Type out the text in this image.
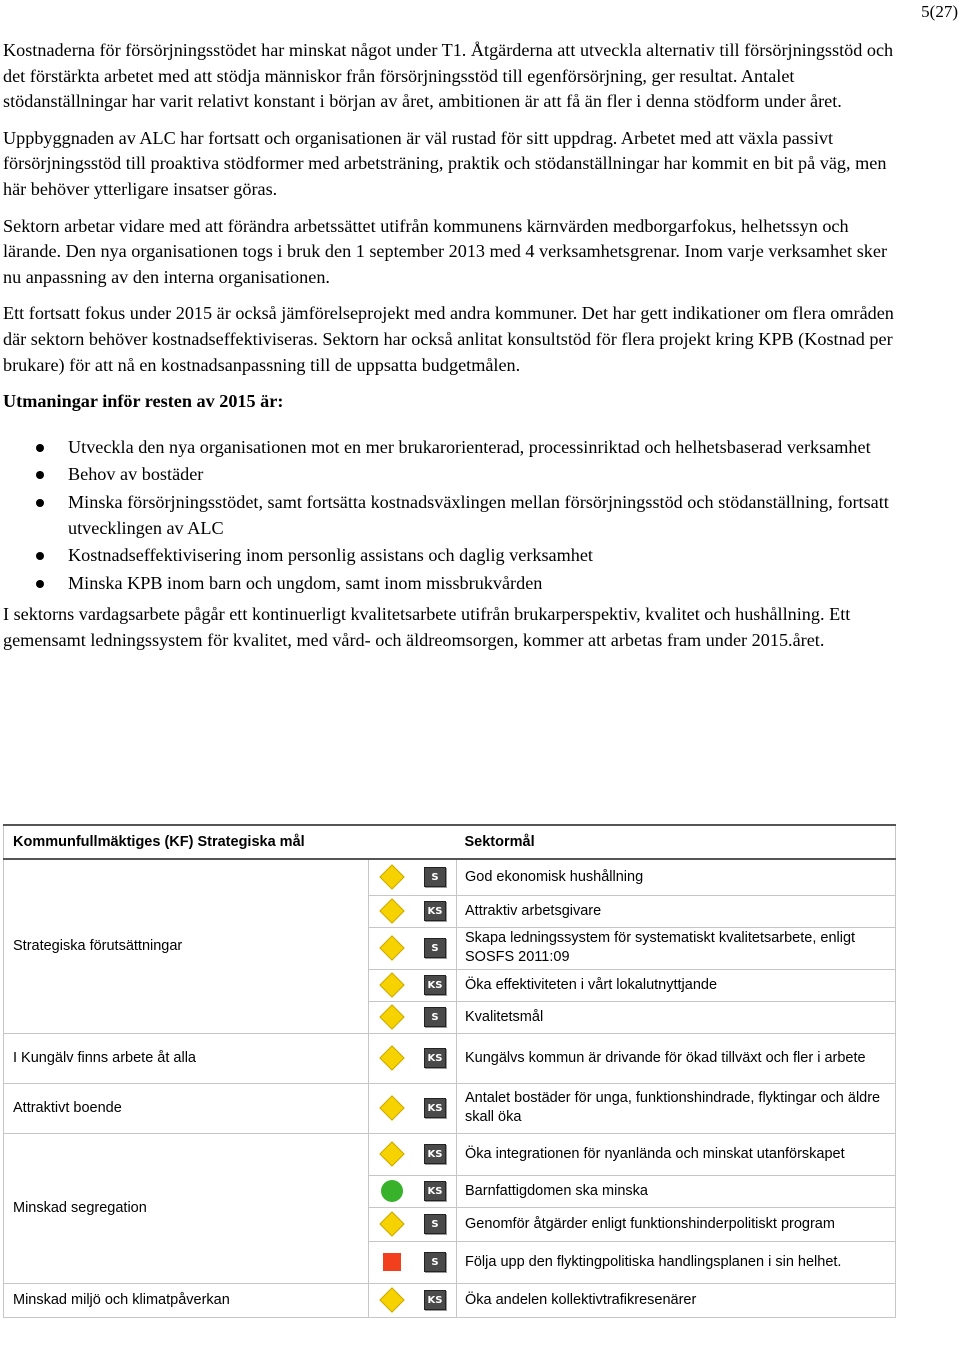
5(27)

Kostnaderna för försörjningsstödet har minskat något under T1. Åtgärderna att utveckla alternativ till försörjningsstöd och det förstärkta arbetet med att stödja människor från försörjningsstöd till egenförsörjning, ger resultat. Antalet stödanställningar har varit relativt konstant i början av året, ambitionen är att få än fler i denna stödform under året.

Uppbyggnaden av ALC har fortsatt och organisationen är väl rustad för sitt uppdrag. Arbetet med att växla passivt försörjningsstöd till proaktiva stödformer med arbetsträning, praktik och stödanställningar har kommit en bit på väg, men här behöver ytterligare insatser göras.

Sektorn arbetar vidare med att förändra arbetssättet utifrån kommunens kärnvärden medborgarfokus, helhetssyn och lärande. Den nya organisationen togs i bruk den 1 september 2013 med 4 verksamhetsgrenar. Inom varje verksamhet sker nu anpassning av den interna organisationen.

Ett fortsatt fokus under 2015 är också jämförelseprojekt med andra kommuner. Det har gett indikationer om flera områden där sektorn behöver kostnadseffektiviseras. Sektorn har också anlitat konsultstöd för flera projekt kring KPB (Kostnad per brukare) för att nå en kostnadsanpassning till de uppsatta budgetmålen.

Utmaningar inför resten av 2015 är:
Utveckla den nya organisationen mot en mer brukarorienterad, processinriktad och helhetsbaserad verksamhet
Behov av bostäder
Minska försörjningsstödet, samt fortsätta kostnadsväxlingen mellan försörjningsstöd och stödanställning, fortsatt utvecklingen av ALC
Kostnadseffektivisering inom personlig assistans och daglig verksamhet
Minska KPB inom barn och ungdom, samt inom missbrukvården

I sektorns vardagsarbete pågår ett kontinuerligt kvalitetsarbete utifrån brukarperspektiv, kvalitet och hushållning. Ett gemensamt ledningssystem för kvalitet, med vård- och äldreomsorgen, kommer att arbetas fram under 2015.året.

Kommunfullmäktiges (KF) Strategiska mål	Sektormål	
Strategiska förutsättningar	S	God ekonomisk hushållning

KS	Attraktiv arbetsgivare

S	Skapa ledningssystem för systematiskt kvalitetsarbete, enligt SOSFS 2011:09

KS	Öka effektiviteten i vårt lokalutnyttjande

S	Kvalitetsmål
I Kungälv finns arbete åt alla	KS	Kungälvs kommun är drivande för ökad tillväxt och fler i arbete
Attraktivt boende	KS	Antalet bostäder för unga, funktionshindrade, flyktingar och äldre skall öka
Minskad segregation	KS	Öka integrationen för nyanlända och minskat utanförskapet

KS	Barnfattigdomen ska minska

S	Genomför åtgärder enligt funktionshinderpolitiskt program

S	Följa upp den flyktingpolitiska handlingsplanen i sin helhet.
Minskad miljö och klimatpåverkan	KS	Öka andelen kollektivtrafikresenärer
